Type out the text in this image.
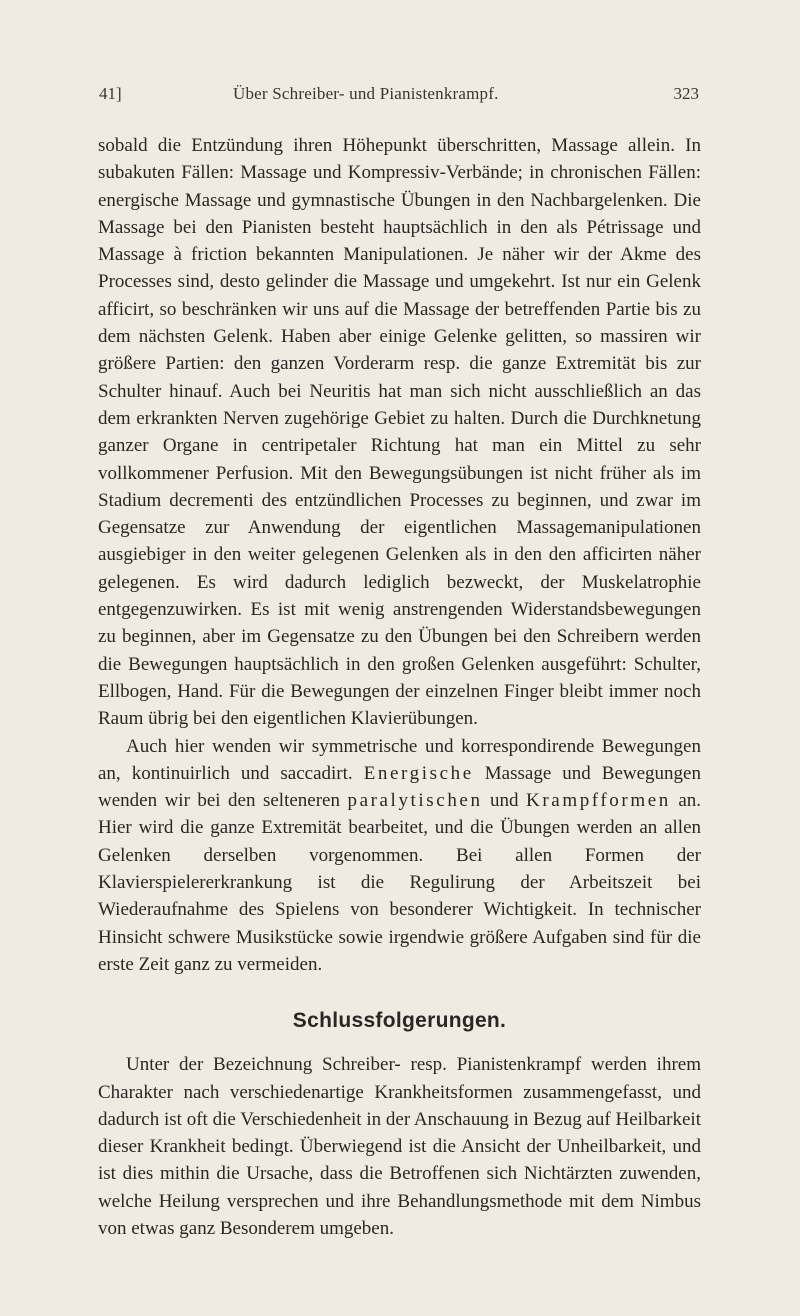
41]	Über Schreiber- und Pianistenkrampf.	323

sobald die Entzündung ihren Höhepunkt überschritten, Massage allein. In subakuten Fällen: Massage und Kompressiv-Verbände; in chronischen Fällen: energische Massage und gymnastische Übungen in den Nachbargelenken. Die Massage bei den Pianisten besteht hauptsächlich in den als Pétrissage und Massage à friction bekannten Manipulationen. Je näher wir der Akme des Processes sind, desto gelinder die Massage und umgekehrt. Ist nur ein Gelenk afficirt, so beschränken wir uns auf die Massage der betreffenden Partie bis zu dem nächsten Gelenk. Haben aber einige Gelenke gelitten, so massiren wir größere Partien: den ganzen Vorderarm resp. die ganze Extremität bis zur Schulter hinauf. Auch bei Neuritis hat man sich nicht ausschließlich an das dem erkrankten Nerven zugehörige Gebiet zu halten. Durch die Durchknetung ganzer Organe in centripetaler Richtung hat man ein Mittel zu sehr vollkommener Perfusion. Mit den Bewegungsübungen ist nicht früher als im Stadium decrementi des entzündlichen Processes zu beginnen, und zwar im Gegensatze zur Anwendung der eigentlichen Massagemanipulationen ausgiebiger in den weiter gelegenen Gelenken als in den den afficirten näher gelegenen. Es wird dadurch lediglich bezweckt, der Muskelatrophie entgegenzuwirken. Es ist mit wenig anstrengenden Widerstandsbewegungen zu beginnen, aber im Gegensatze zu den Übungen bei den Schreibern werden die Bewegungen hauptsächlich in den großen Gelenken ausgeführt: Schulter, Ellbogen, Hand. Für die Bewegungen der einzelnen Finger bleibt immer noch Raum übrig bei den eigentlichen Klavierübungen.

Auch hier wenden wir symmetrische und korrespondirende Bewegungen an, kontinuirlich und saccadirt. Energische Massage und Bewegungen wenden wir bei den selteneren paralytischen und Krampfformen an. Hier wird die ganze Extremität bearbeitet, und die Übungen werden an allen Gelenken derselben vorgenommen. Bei allen Formen der Klavierspielererkrankung ist die Regulirung der Arbeitszeit bei Wiederaufnahme des Spielens von besonderer Wichtigkeit. In technischer Hinsicht schwere Musikstücke sowie irgendwie größere Aufgaben sind für die erste Zeit ganz zu vermeiden.

Schlussfolgerungen.

Unter der Bezeichnung Schreiber- resp. Pianistenkrampf werden ihrem Charakter nach verschiedenartige Krankheitsformen zusammengefasst, und dadurch ist oft die Verschiedenheit in der Anschauung in Bezug auf Heilbarkeit dieser Krankheit bedingt. Überwiegend ist die Ansicht der Unheilbarkeit, und ist dies mithin die Ursache, dass die Betroffenen sich Nichtärzten zuwenden, welche Heilung versprechen und ihre Behandlungsmethode mit dem Nimbus von etwas ganz Besonderem umgeben.
